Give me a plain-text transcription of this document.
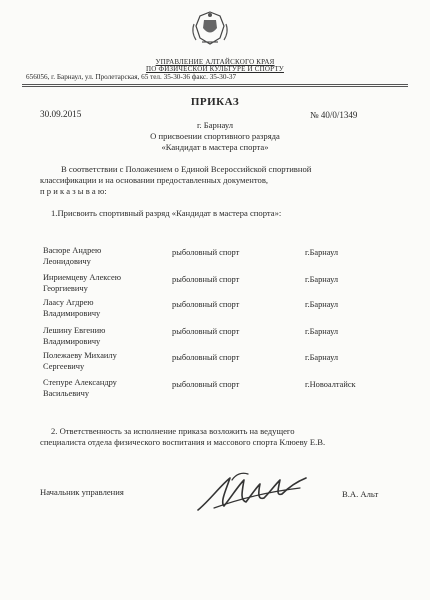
УПРАВЛЕНИЕ АЛТАЙСКОГО КРАЯ
ПО ФИЗИЧЕСКОЙ КУЛЬТУРЕ И СПОРТУ
656056, г. Барнаул, ул. Пролетарская, 65 тел. 35-30-36 факс. 35-30-37
ПРИКАЗ
30.09.2015	№ 40/0/1349
г. Барнаул
О присвоении спортивного разряда
«Кандидат в мастера спорта»
В соответствии с Положением о Единой Всероссийской спортивной
классификации и на основании предоставленных документов,
п р и к а з ы в а ю:
1.Присвоить спортивный разряд «Кандидат в мастера спорта»:
Васюре Андрею
Леонидовичу
рыболовный спорт	г.Барнаул
Инриемцеву Алексею
Георгиевичу
рыболовный спорт	г.Барнаул
Лаасу Агдрею
Владимировичу
рыболовный спорт	г.Барнаул
Лешину Евгению
Владимировичу
рыболовный спорт	г.Барнаул
Полежаеву Михаилу
Сергеевичу
рыболовный спорт	г.Барнаул
Степуре Александру
Васильевичу
рыболовный спорт	г.Новоалтайск
2. Ответственность за исполнение приказа возложить на ведущего
специалиста отдела физического воспитания и массового спорта Клюеву Е.В.
Начальник управления	В.А. Альт
